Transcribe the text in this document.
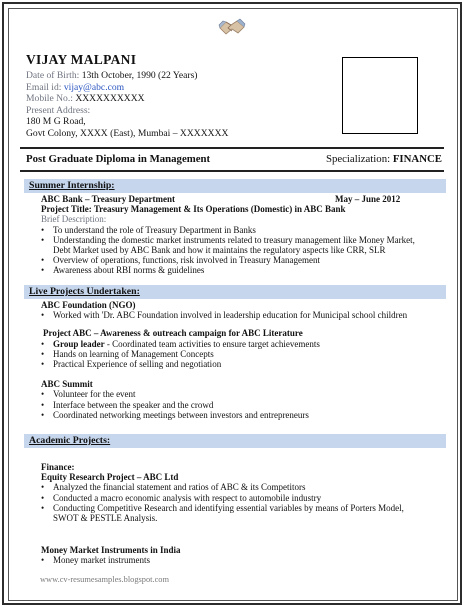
VIJAY MALPANI
Date of Birth: 13th October, 1990 (22 Years)
Email id: vijay@abc.com
Mobile No.: XXXXXXXXXX
Present Address:
180 M G Road,
Govt Colony, XXXX (East), Mumbai – XXXXXXX
Post Graduate Diploma in Management	Specialization: FINANCE
Summer Internship:
ABC Bank – Treasury Department	May – June 2012
Project Title: Treasury Management & Its Operations (Domestic) in ABC Bank
Brief Description:
• To understand the role of Treasury Department in Banks
• Understanding the domestic market instruments related to treasury management like Money Market,
Debt Market used by ABC Bank and how it maintains the regulatory aspects like CRR, SLR
• Overview of operations, functions, risk involved in Treasury Management
• Awareness about RBI norms & guidelines
Live Projects Undertaken:
ABC Foundation (NGO)
• Worked with 'Dr. ABC Foundation involved in leadership education for Municipal school children
Project ABC – Awareness & outreach campaign for ABC Literature
• Group leader - Coordinated team activities to ensure target achievements
• Hands on learning of Management Concepts
• Practical Experience of selling and negotiation
ABC Summit
• Volunteer for the event
• Interface between the speaker and the crowd
• Coordinated networking meetings between investors and entrepreneurs
Academic Projects:
Finance:
Equity Research Project – ABC Ltd
• Analyzed the financial statement and ratios of ABC & its Competitors
• Conducted a macro economic analysis with respect to automobile industry
• Conducting Competitive Research and identifying essential variables by means of Porters Model,
SWOT & PESTLE Analysis.
Money Market Instruments in India
• Money market instruments
www.cv-resumesamples.blogspot.com
